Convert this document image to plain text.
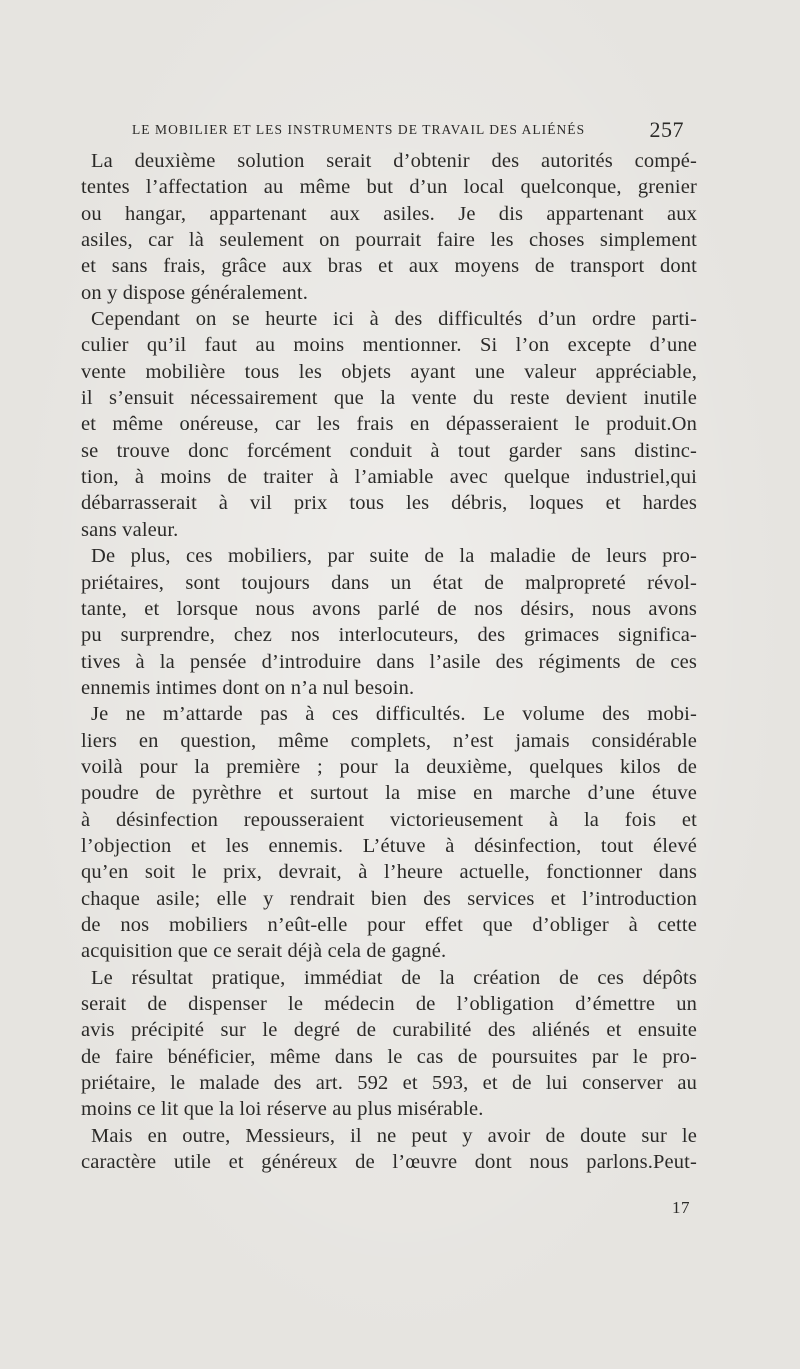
LE MOBILIER ET LES INSTRUMENTS DE TRAVAIL DES ALIÉNÉS	257
La deuxième solution serait d’obtenir des autorités compé-
tentes l’affectation au même but d’un local quelconque, grenier
ou hangar, appartenant aux asiles. Je dis appartenant aux
asiles, car là seulement on pourrait faire les choses simplement
et sans frais, grâce aux bras et aux moyens de transport dont
on y dispose généralement.
Cependant on se heurte ici à des difficultés d’un ordre parti-
culier qu’il faut au moins mentionner. Si l’on excepte d’une
vente mobilière tous les objets ayant une valeur appréciable,
il s’ensuit nécessairement que la vente du reste devient inutile
et même onéreuse, car les frais en dépasseraient le produit.On
se trouve donc forcément conduit à tout garder sans distinc-
tion, à moins de traiter à l’amiable avec quelque industriel,qui
débarrasserait à vil prix tous les débris, loques et hardes
sans valeur.
De plus, ces mobiliers, par suite de la maladie de leurs pro-
priétaires, sont toujours dans un état de malpropreté révol-
tante, et lorsque nous avons parlé de nos désirs, nous avons
pu surprendre, chez nos interlocuteurs, des grimaces significa-
tives à la pensée d’introduire dans l’asile des régiments de ces
ennemis intimes dont on n’a nul besoin.
Je ne m’attarde pas à ces difficultés. Le volume des mobi-
liers en question, même complets, n’est jamais considérable
voilà pour la première ; pour la deuxième, quelques kilos de
poudre de pyrèthre et surtout la mise en marche d’une étuve
à désinfection repousseraient victorieusement à la fois et
l’objection et les ennemis. L’étuve à désinfection, tout élevé
qu’en soit le prix, devrait, à l’heure actuelle, fonctionner dans
chaque asile; elle y rendrait bien des services et l’introduction
de nos mobiliers n’eût-elle pour effet que d’obliger à cette
acquisition que ce serait déjà cela de gagné.
Le résultat pratique, immédiat de la création de ces dépôts
serait de dispenser le médecin de l’obligation d’émettre un
avis précipité sur le degré de curabilité des aliénés et ensuite
de faire bénéficier, même dans le cas de poursuites par le pro-
priétaire, le malade des art. 592 et 593, et de lui conserver au
moins ce lit que la loi réserve au plus misérable.
Mais en outre, Messieurs, il ne peut y avoir de doute sur le
caractère utile et généreux de l’œuvre dont nous parlons.Peut-
17
